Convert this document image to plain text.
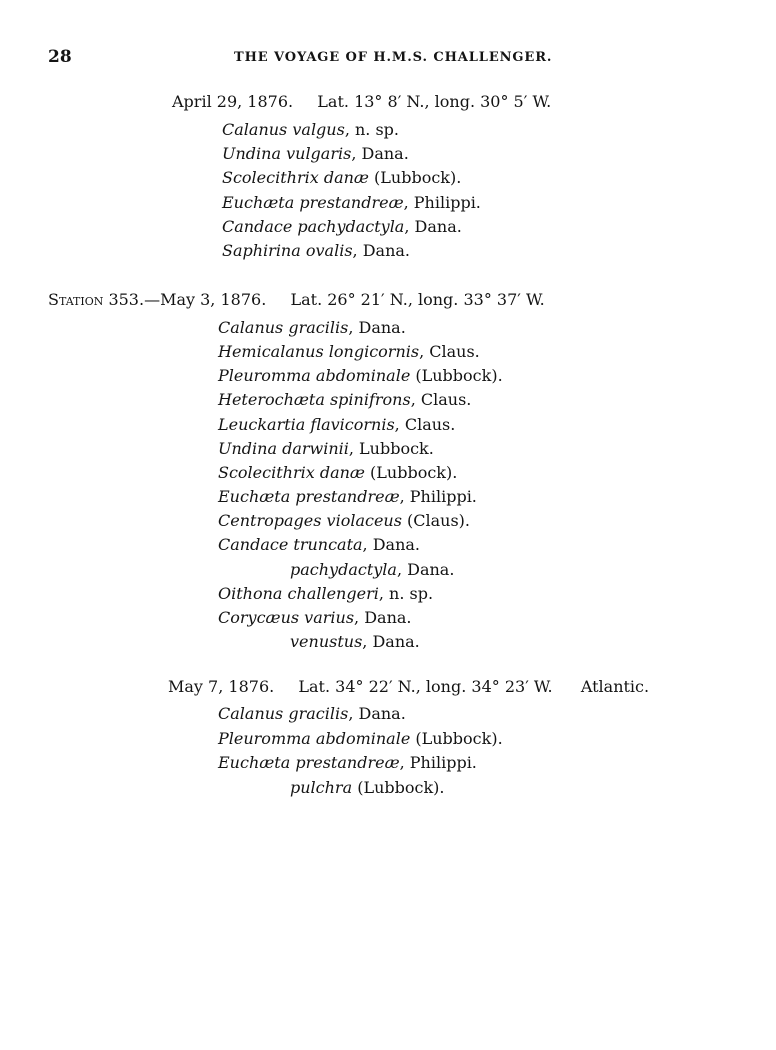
28	THE VOYAGE OF H.M.S. CHALLENGER.
April 29, 1876. Lat. 13° 8′ N., long. 30° 5′ W.
Calanus valgus, n. sp.
Undina vulgaris, Dana.
Scolecithrix danæ (Lubbock).
Euchæta prestandreæ, Philippi.
Candace pachydactyla, Dana.
Saphirina ovalis, Dana.
Station 353.—May 3, 1876. Lat. 26° 21′ N., long. 33° 37′ W.
Calanus gracilis, Dana.
Hemicalanus longicornis, Claus.
Pleuromma abdominale (Lubbock).
Heterochæta spinifrons, Claus.
Leuckartia flavicornis, Claus.
Undina darwinii, Lubbock.
Scolecithrix danæ (Lubbock).
Euchæta prestandreæ, Philippi.
Centropages violaceus (Claus).
Candace truncata, Dana.
pachydactyla, Dana.
Oithona challengeri, n. sp.
Corycæus varius, Dana.
venustus, Dana.
May 7, 1876. Lat. 34° 22′ N., long. 34° 23′ W. Atlantic.
Calanus gracilis, Dana.
Pleuromma abdominale (Lubbock).
Euchæta prestandreæ, Philippi.
pulchra (Lubbock).
